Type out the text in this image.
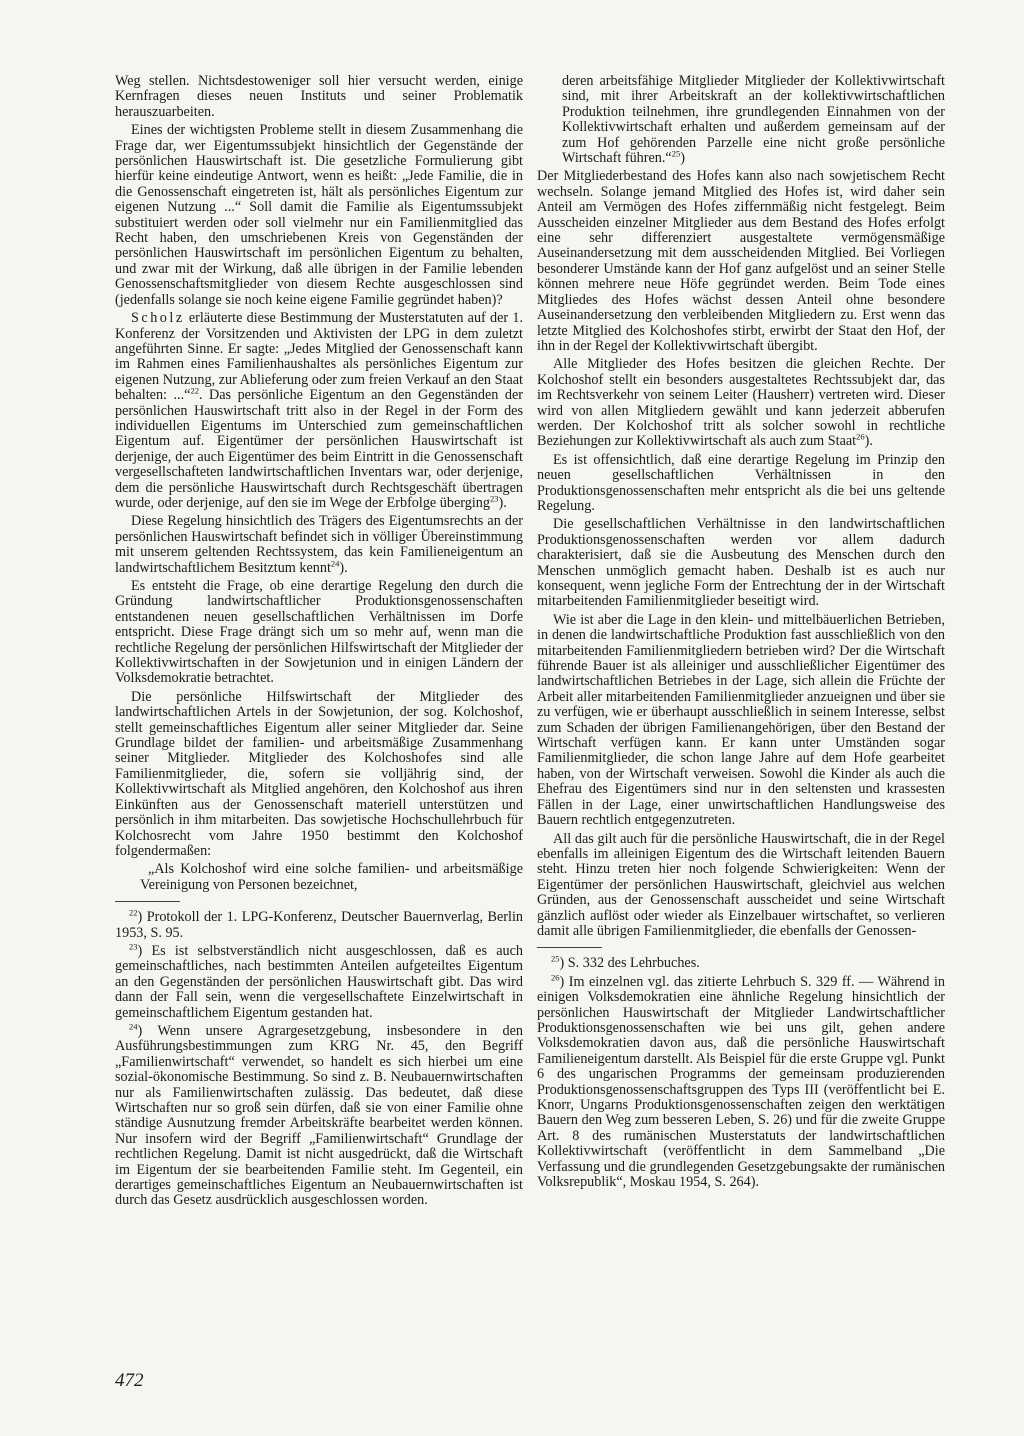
Weg stellen. Nichtsdestoweniger soll hier versucht werden, einige Kernfragen dieses neuen Instituts und seiner Problematik herauszuarbeiten.

Eines der wichtigsten Probleme stellt in diesem Zusammenhang die Frage dar, wer Eigentumssubjekt hinsichtlich der Gegenstände der persönlichen Hauswirtschaft ist. Die gesetzliche Formulierung gibt hierfür keine eindeutige Antwort, wenn es heißt: „Jede Familie, die in die Genossenschaft eingetreten ist, hält als persönliches Eigentum zur eigenen Nutzung ...“ Soll damit die Familie als Eigentumssubjekt substituiert werden oder soll vielmehr nur ein Familienmitglied das Recht haben, den umschriebenen Kreis von Gegenständen der persönlichen Hauswirtschaft im persönlichen Eigentum zu behalten, und zwar mit der Wirkung, daß alle übrigen in der Familie lebenden Genossenschaftsmitglieder von diesem Rechte ausgeschlossen sind (jedenfalls solange sie noch keine eigene Familie gegründet haben)?

Scholz erläuterte diese Bestimmung der Musterstatuten auf der 1. Konferenz der Vorsitzenden und Aktivisten der LPG in dem zuletzt angeführten Sinne. Er sagte: „Jedes Mitglied der Genossenschaft kann im Rahmen eines Familienhaushaltes als persönliches Eigentum zur eigenen Nutzung, zur Ablieferung oder zum freien Verkauf an den Staat behalten: ...“$^{22}$. Das persönliche Eigentum an den Gegenständen der persönlichen Hauswirtschaft tritt also in der Regel in der Form des individuellen Eigentums im Unterschied zum gemeinschaftlichen Eigentum auf. Eigentümer der persönlichen Hauswirtschaft ist derjenige, der auch Eigentümer des beim Eintritt in die Genossenschaft vergesellschafteten landwirtschaftlichen Inventars war, oder derjenige, dem die persönliche Hauswirtschaft durch Rechtsgeschäft übertragen wurde, oder derjenige, auf den sie im Wege der Erbfolge überging$^{23}$).

Diese Regelung hinsichtlich des Trägers des Eigentumsrechts an der persönlichen Hauswirtschaft befindet sich in völliger Übereinstimmung mit unserem geltenden Rechtssystem, das kein Familieneigentum an landwirtschaftlichem Besitztum kennt$^{24}$).

Es entsteht die Frage, ob eine derartige Regelung den durch die Gründung landwirtschaftlicher Produktionsgenossenschaften entstandenen neuen gesellschaftlichen Verhältnissen im Dorfe entspricht. Diese Frage drängt sich um so mehr auf, wenn man die rechtliche Regelung der persönlichen Hilfswirtschaft der Mitglieder der Kollektivwirtschaften in der Sowjetunion und in einigen Ländern der Volksdemokratie betrachtet.

Die persönliche Hilfswirtschaft der Mitglieder des landwirtschaftlichen Artels in der Sowjetunion, der sog. Kolchoshof, stellt gemeinschaftliches Eigentum aller seiner Mitglieder dar. Seine Grundlage bildet der familien- und arbeitsmäßige Zusammenhang seiner Mitglieder. Mitglieder des Kolchoshofes sind alle Familienmitglieder, die, sofern sie volljährig sind, der Kollektivwirtschaft als Mitglied angehören, den Kolchoshof aus ihren Einkünften aus der Genossenschaft materiell unterstützen und persönlich in ihm mitarbeiten. Das sowjetische Hochschullehrbuch für Kolchosrecht vom Jahre 1950 bestimmt den Kolchoshof folgendermaßen:

„Als Kolchoshof wird eine solche familien- und arbeitsmäßige Vereinigung von Personen bezeichnet,

$^{22}$) Protokoll der 1. LPG-Konferenz, Deutscher Bauernverlag, Berlin 1953, S. 95.

$^{23}$) Es ist selbstverständlich nicht ausgeschlossen, daß es auch gemeinschaftliches, nach bestimmten Anteilen aufgeteiltes Eigentum an den Gegenständen der persönlichen Hauswirtschaft gibt. Das wird dann der Fall sein, wenn die vergesellschaftete Einzelwirtschaft in gemeinschaftlichem Eigentum gestanden hat.

$^{24}$) Wenn unsere Agrargesetzgebung, insbesondere in den Ausführungsbestimmungen zum KRG Nr. 45, den Begriff „Familienwirtschaft“ verwendet, so handelt es sich hierbei um eine sozial-ökonomische Bestimmung. So sind z. B. Neubauernwirtschaften nur als Familienwirtschaften zulässig. Das bedeutet, daß diese Wirtschaften nur so groß sein dürfen, daß sie von einer Familie ohne ständige Ausnutzung fremder Arbeitskräfte bearbeitet werden können. Nur insofern wird der Begriff „Familienwirtschaft“ Grundlage der rechtlichen Regelung. Damit ist nicht ausgedrückt, daß die Wirtschaft im Eigentum der sie bearbeitenden Familie steht. Im Gegenteil, ein derartiges gemeinschaftliches Eigentum an Neubauernwirtschaften ist durch das Gesetz ausdrücklich ausgeschlossen worden.

deren arbeitsfähige Mitglieder Mitglieder der Kollektivwirtschaft sind, mit ihrer Arbeitskraft an der kollektivwirtschaftlichen Produktion teilnehmen, ihre grundlegenden Einnahmen von der Kollektivwirtschaft erhalten und außerdem gemeinsam auf der zum Hof gehörenden Parzelle eine nicht große persönliche Wirtschaft führen.“$^{25}$)

Der Mitgliederbestand des Hofes kann also nach sowjetischem Recht wechseln. Solange jemand Mitglied des Hofes ist, wird daher sein Anteil am Vermögen des Hofes ziffernmäßig nicht festgelegt. Beim Ausscheiden einzelner Mitglieder aus dem Bestand des Hofes erfolgt eine sehr differenziert ausgestaltete vermögensmäßige Auseinandersetzung mit dem ausscheidenden Mitglied. Bei Vorliegen besonderer Umstände kann der Hof ganz aufgelöst und an seiner Stelle können mehrere neue Höfe gegründet werden. Beim Tode eines Mitgliedes des Hofes wächst dessen Anteil ohne besondere Auseinandersetzung den verbleibenden Mitgliedern zu. Erst wenn das letzte Mitglied des Kolchoshofes stirbt, erwirbt der Staat den Hof, der ihn in der Regel der Kollektivwirtschaft übergibt.

Alle Mitglieder des Hofes besitzen die gleichen Rechte. Der Kolchoshof stellt ein besonders ausgestaltetes Rechtssubjekt dar, das im Rechtsverkehr von seinem Leiter (Hausherr) vertreten wird. Dieser wird von allen Mitgliedern gewählt und kann jederzeit abberufen werden. Der Kolchoshof tritt als solcher sowohl in rechtliche Beziehungen zur Kollektivwirtschaft als auch zum Staat$^{26}$).

Es ist offensichtlich, daß eine derartige Regelung im Prinzip den neuen gesellschaftlichen Verhältnissen in den Produktionsgenossenschaften mehr entspricht als die bei uns geltende Regelung.

Die gesellschaftlichen Verhältnisse in den landwirtschaftlichen Produktionsgenossenschaften werden vor allem dadurch charakterisiert, daß sie die Ausbeutung des Menschen durch den Menschen unmöglich gemacht haben. Deshalb ist es auch nur konsequent, wenn jegliche Form der Entrechtung der in der Wirtschaft mitarbeitenden Familienmitglieder beseitigt wird.

Wie ist aber die Lage in den klein- und mittelbäuerlichen Betrieben, in denen die landwirtschaftliche Produktion fast ausschließlich von den mitarbeitenden Familienmitgliedern betrieben wird? Der die Wirtschaft führende Bauer ist als alleiniger und ausschließlicher Eigentümer des landwirtschaftlichen Betriebes in der Lage, sich allein die Früchte der Arbeit aller mitarbeitenden Familienmitglieder anzueignen und über sie zu verfügen, wie er überhaupt ausschließlich in seinem Interesse, selbst zum Schaden der übrigen Familienangehörigen, über den Bestand der Wirtschaft verfügen kann. Er kann unter Umständen sogar Familienmitglieder, die schon lange Jahre auf dem Hofe gearbeitet haben, von der Wirtschaft verweisen. Sowohl die Kinder als auch die Ehefrau des Eigentümers sind nur in den seltensten und krassesten Fällen in der Lage, einer unwirtschaftlichen Handlungsweise des Bauern rechtlich entgegenzutreten.

All das gilt auch für die persönliche Hauswirtschaft, die in der Regel ebenfalls im alleinigen Eigentum des die Wirtschaft leitenden Bauern steht. Hinzu treten hier noch folgende Schwierigkeiten: Wenn der Eigentümer der persönlichen Hauswirtschaft, gleichviel aus welchen Gründen, aus der Genossenschaft ausscheidet und seine Wirtschaft gänzlich auflöst oder wieder als Einzelbauer wirtschaftet, so verlieren damit alle übrigen Familienmitglieder, die ebenfalls der Genossen-

$^{25}$) S. 332 des Lehrbuches.

$^{26}$) Im einzelnen vgl. das zitierte Lehrbuch S. 329 ff. — Während in einigen Volksdemokratien eine ähnliche Regelung hinsichtlich der persönlichen Hauswirtschaft der Mitglieder Landwirtschaftlicher Produktionsgenossenschaften wie bei uns gilt, gehen andere Volksdemokratien davon aus, daß die persönliche Hauswirtschaft Familieneigentum darstellt. Als Beispiel für die erste Gruppe vgl. Punkt 6 des ungarischen Programms der gemeinsam produzierenden Produktionsgenossenschaftsgruppen des Typs III (veröffentlicht bei E. Knorr, Ungarns Produktionsgenossenschaften zeigen den werktätigen Bauern den Weg zum besseren Leben, S. 26) und für die zweite Gruppe Art. 8 des rumänischen Musterstatuts der landwirtschaftlichen Kollektivwirtschaft (veröffentlicht in dem Sammelband „Die Verfassung und die grundlegenden Gesetzgebungsakte der rumänischen Volksrepublik“, Moskau 1954, S. 264).

472
